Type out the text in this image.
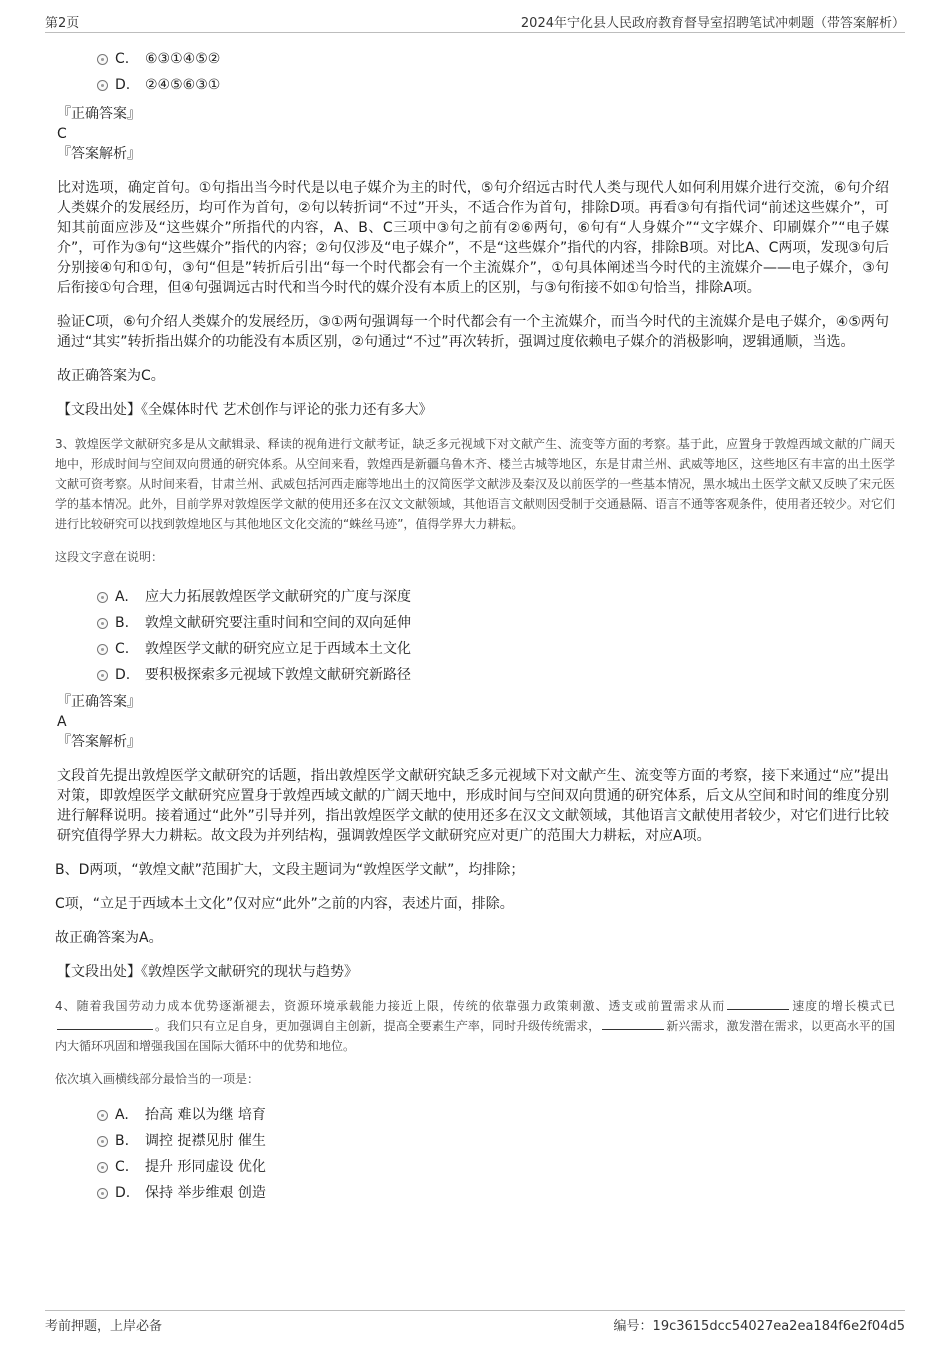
第2页	2024年宁化县人民政府教育督导室招聘笔试冲刺题（带答案解析）
C. ⑥③①④⑤②
D. ②④⑤⑥③①
『正确答案』
C
『答案解析』

比对选项，确定首句。①句指出当今时代是以电子媒介为主的时代，⑤句介绍远古时代人类与现代人如何利用媒介进行交流，⑥句介绍人类媒介的发展经历，均可作为首句，②句以转折词“不过”开头，不适合作为首句，排除D项。再看③句有指代词“前述这些媒介”，可知其前面应涉及“这些媒介”所指代的内容，A、B、C三项中③句之前有②⑥两句，⑥句有“人身媒介”“文字媒介、印刷媒介”“电子媒介”，可作为③句“这些媒介”指代的内容；②句仅涉及“电子媒介”，不是“这些媒介”指代的内容，排除B项。对比A、C两项，发现③句后分别接④句和①句，③句“但是”转折后引出“每一个时代都会有一个主流媒介”，①句具体阐述当今时代的主流媒介——电子媒介，③句后衔接①句合理，但④句强调远古时代和当今时代的媒介没有本质上的区别，与③句衔接不如①句恰当，排除A项。

验证C项，⑥句介绍人类媒介的发展经历，③①两句强调每一个时代都会有一个主流媒介，而当今时代的主流媒介是电子媒介，④⑤两句通过“其实”转折指出媒介的功能没有本质区别，②句通过“不过”再次转折，强调过度依赖电子媒介的消极影响，逻辑通顺，当选。

故正确答案为C。

【文段出处】《全媒体时代 艺术创作与评论的张力还有多大》

3、敦煌医学文献研究多是从文献辑录、释读的视角进行文献考证，缺乏多元视域下对文献产生、流变等方面的考察。基于此，应置身于敦煌西域文献的广阔天地中，形成时间与空间双向贯通的研究体系。从空间来看，敦煌西是新疆乌鲁木齐、楼兰古城等地区，东是甘肃兰州、武威等地区，这些地区有丰富的出土医学文献可资考察。从时间来看，甘肃兰州、武威包括河西走廊等地出土的汉简医学文献涉及秦汉及以前医学的一些基本情况，黑水城出土医学文献又反映了宋元医学的基本情况。此外，目前学界对敦煌医学文献的使用还多在汉文文献领域，其他语言文献则因受制于交通悬隔、语言不通等客观条件，使用者还较少。对它们进行比较研究可以找到敦煌地区与其他地区文化交流的“蛛丝马迹”，值得学界大力耕耘。

这段文字意在说明：
A. 应大力拓展敦煌医学文献研究的广度与深度
B. 敦煌文献研究要注重时间和空间的双向延伸
C. 敦煌医学文献的研究应立足于西域本土文化
D. 要积极探索多元视域下敦煌文献研究新路径
『正确答案』
A
『答案解析』

文段首先提出敦煌医学文献研究的话题，指出敦煌医学文献研究缺乏多元视域下对文献产生、流变等方面的考察，接下来通过“应”提出对策，即敦煌医学文献研究应置身于敦煌西域文献的广阔天地中，形成时间与空间双向贯通的研究体系，后文从空间和时间的维度分别进行解释说明。接着通过“此外”引导并列，指出敦煌医学文献的使用还多在汉文文献领域，其他语言文献使用者较少，对它们进行比较研究值得学界大力耕耘。故文段为并列结构，强调敦煌医学文献研究应对更广的范围大力耕耘，对应A项。

B、D两项，“敦煌文献”范围扩大，文段主题词为“敦煌医学文献”，均排除；

C项，“立足于西域本土文化”仅对应“此外”之前的内容，表述片面，排除。

故正确答案为A。

【文段出处】《敦煌医学文献研究的现状与趋势》

4、随着我国劳动力成本优势逐渐褪去，资源环境承载能力接近上限，传统的依靠强力政策刺激、透支或前置需求从而	速度的增长模式已。我们只有立足自身，更加强调自主创新，提高全要素生产率，同时升级传统需求，	新兴需求，激发潜在需求，以更高水平的国内大循环巩固和增强我国在国际大循环中的优势和地位。

依次填入画横线部分最恰当的一项是：
A. 抬高 难以为继 培育
B. 调控 捉襟见肘 催生
C. 提升 形同虚设 优化
D. 保持 举步维艰 创造
考前押题，上岸必备	编号：19c3615dcc54027ea2ea184f6e2f04d5
